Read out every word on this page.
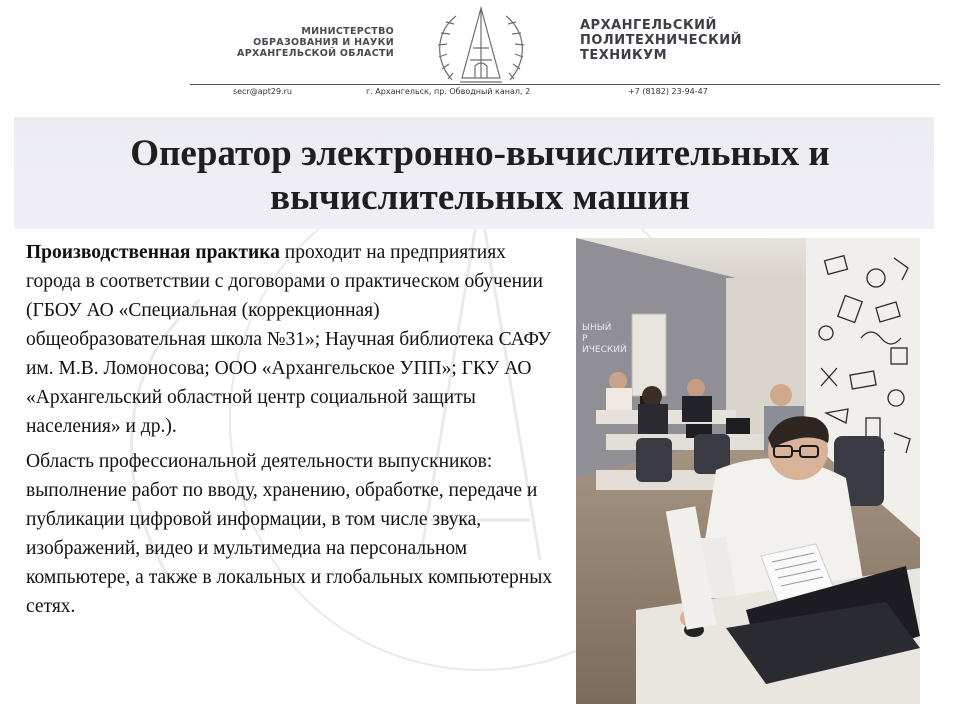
МИНИСТЕРСТВО
ОБРАЗОВАНИЯ И НАУКИ
АРХАНГЕЛЬСКОЙ ОБЛАСТИ
АРХАНГЕЛЬСКИЙ
ПОЛИТЕХНИЧЕСКИЙ
ТЕХНИКУМ
secr@apt29.ru	г. Архангельск, пр. Обводный канал, 2	+7 (8182) 23-94-47
Оператор электронно-вычислительных и вычислительных машин

Производственная практика проходит на предприятиях города в соответствии с договорами о практическом обучении (ГБОУ АО «Специальная (коррекционная) общеобразовательная школа №31»; Научная библиотека САФУ им. М.В. Ломоносова; ООО «Архангельское УПП»; ГКУ АО «Архангельский областной центр социальной защиты населения» и др.).

Область профессиональной деятельности выпускников: выполнение работ по вводу, хранению, обработке, передаче и публикации цифровой информации, в том числе звука, изображений, видео и мультимедиа на персональном компьютере, а также в локальных и глобальных компьютерных сетях.

ЫНЫЙ
Р
ИЧЕСКИЙ
